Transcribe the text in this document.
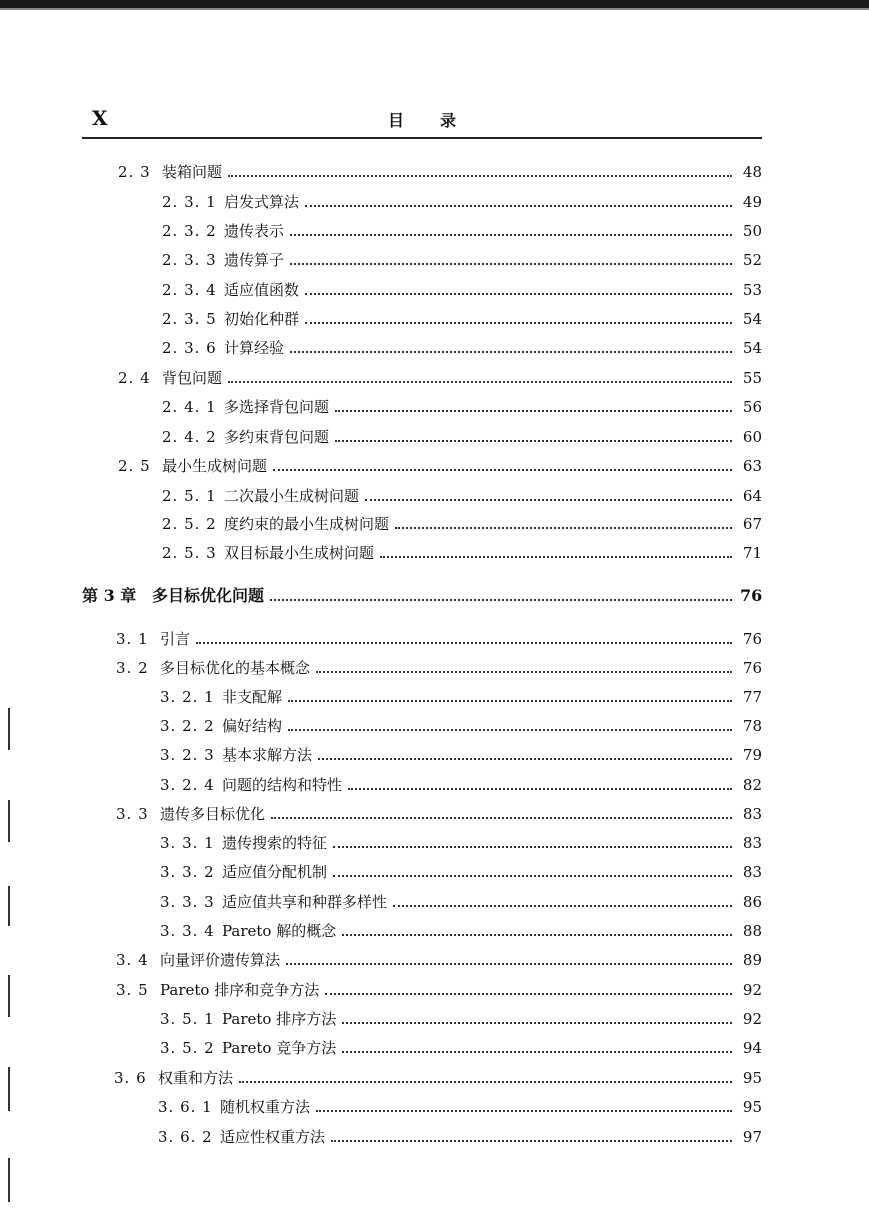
X	目录
2. 3 装箱问题	48
2. 3. 1 启发式算法	49
2. 3. 2 遗传表示	50
2. 3. 3 遗传算子	52
2. 3. 4 适应值函数	53
2. 3. 5 初始化种群	54
2. 3. 6 计算经验	54
2. 4 背包问题	55
2. 4. 1 多选择背包问题	56
2. 4. 2 多约束背包问题	60
2. 5 最小生成树问题	63
2. 5. 1 二次最小生成树问题	64
2. 5. 2 度约束的最小生成树问题	67
2. 5. 3 双目标最小生成树问题	71
第 3 章 多目标优化问题	76
3. 1 引言	76
3. 2 多目标优化的基本概念	76
3. 2. 1 非支配解	77
3. 2. 2 偏好结构	78
3. 2. 3 基本求解方法	79
3. 2. 4 问题的结构和特性	82
3. 3 遗传多目标优化	83
3. 3. 1 遗传搜索的特征	83
3. 3. 2 适应值分配机制	83
3. 3. 3 适应值共享和种群多样性	86
3. 3. 4 Pareto 解的概念	88
3. 4 向量评价遗传算法	89
3. 5 Pareto 排序和竞争方法	92
3. 5. 1 Pareto 排序方法	92
3. 5. 2 Pareto 竞争方法	94
3. 6 权重和方法	95
3. 6. 1 随机权重方法	95
3. 6. 2 适应性权重方法	97
